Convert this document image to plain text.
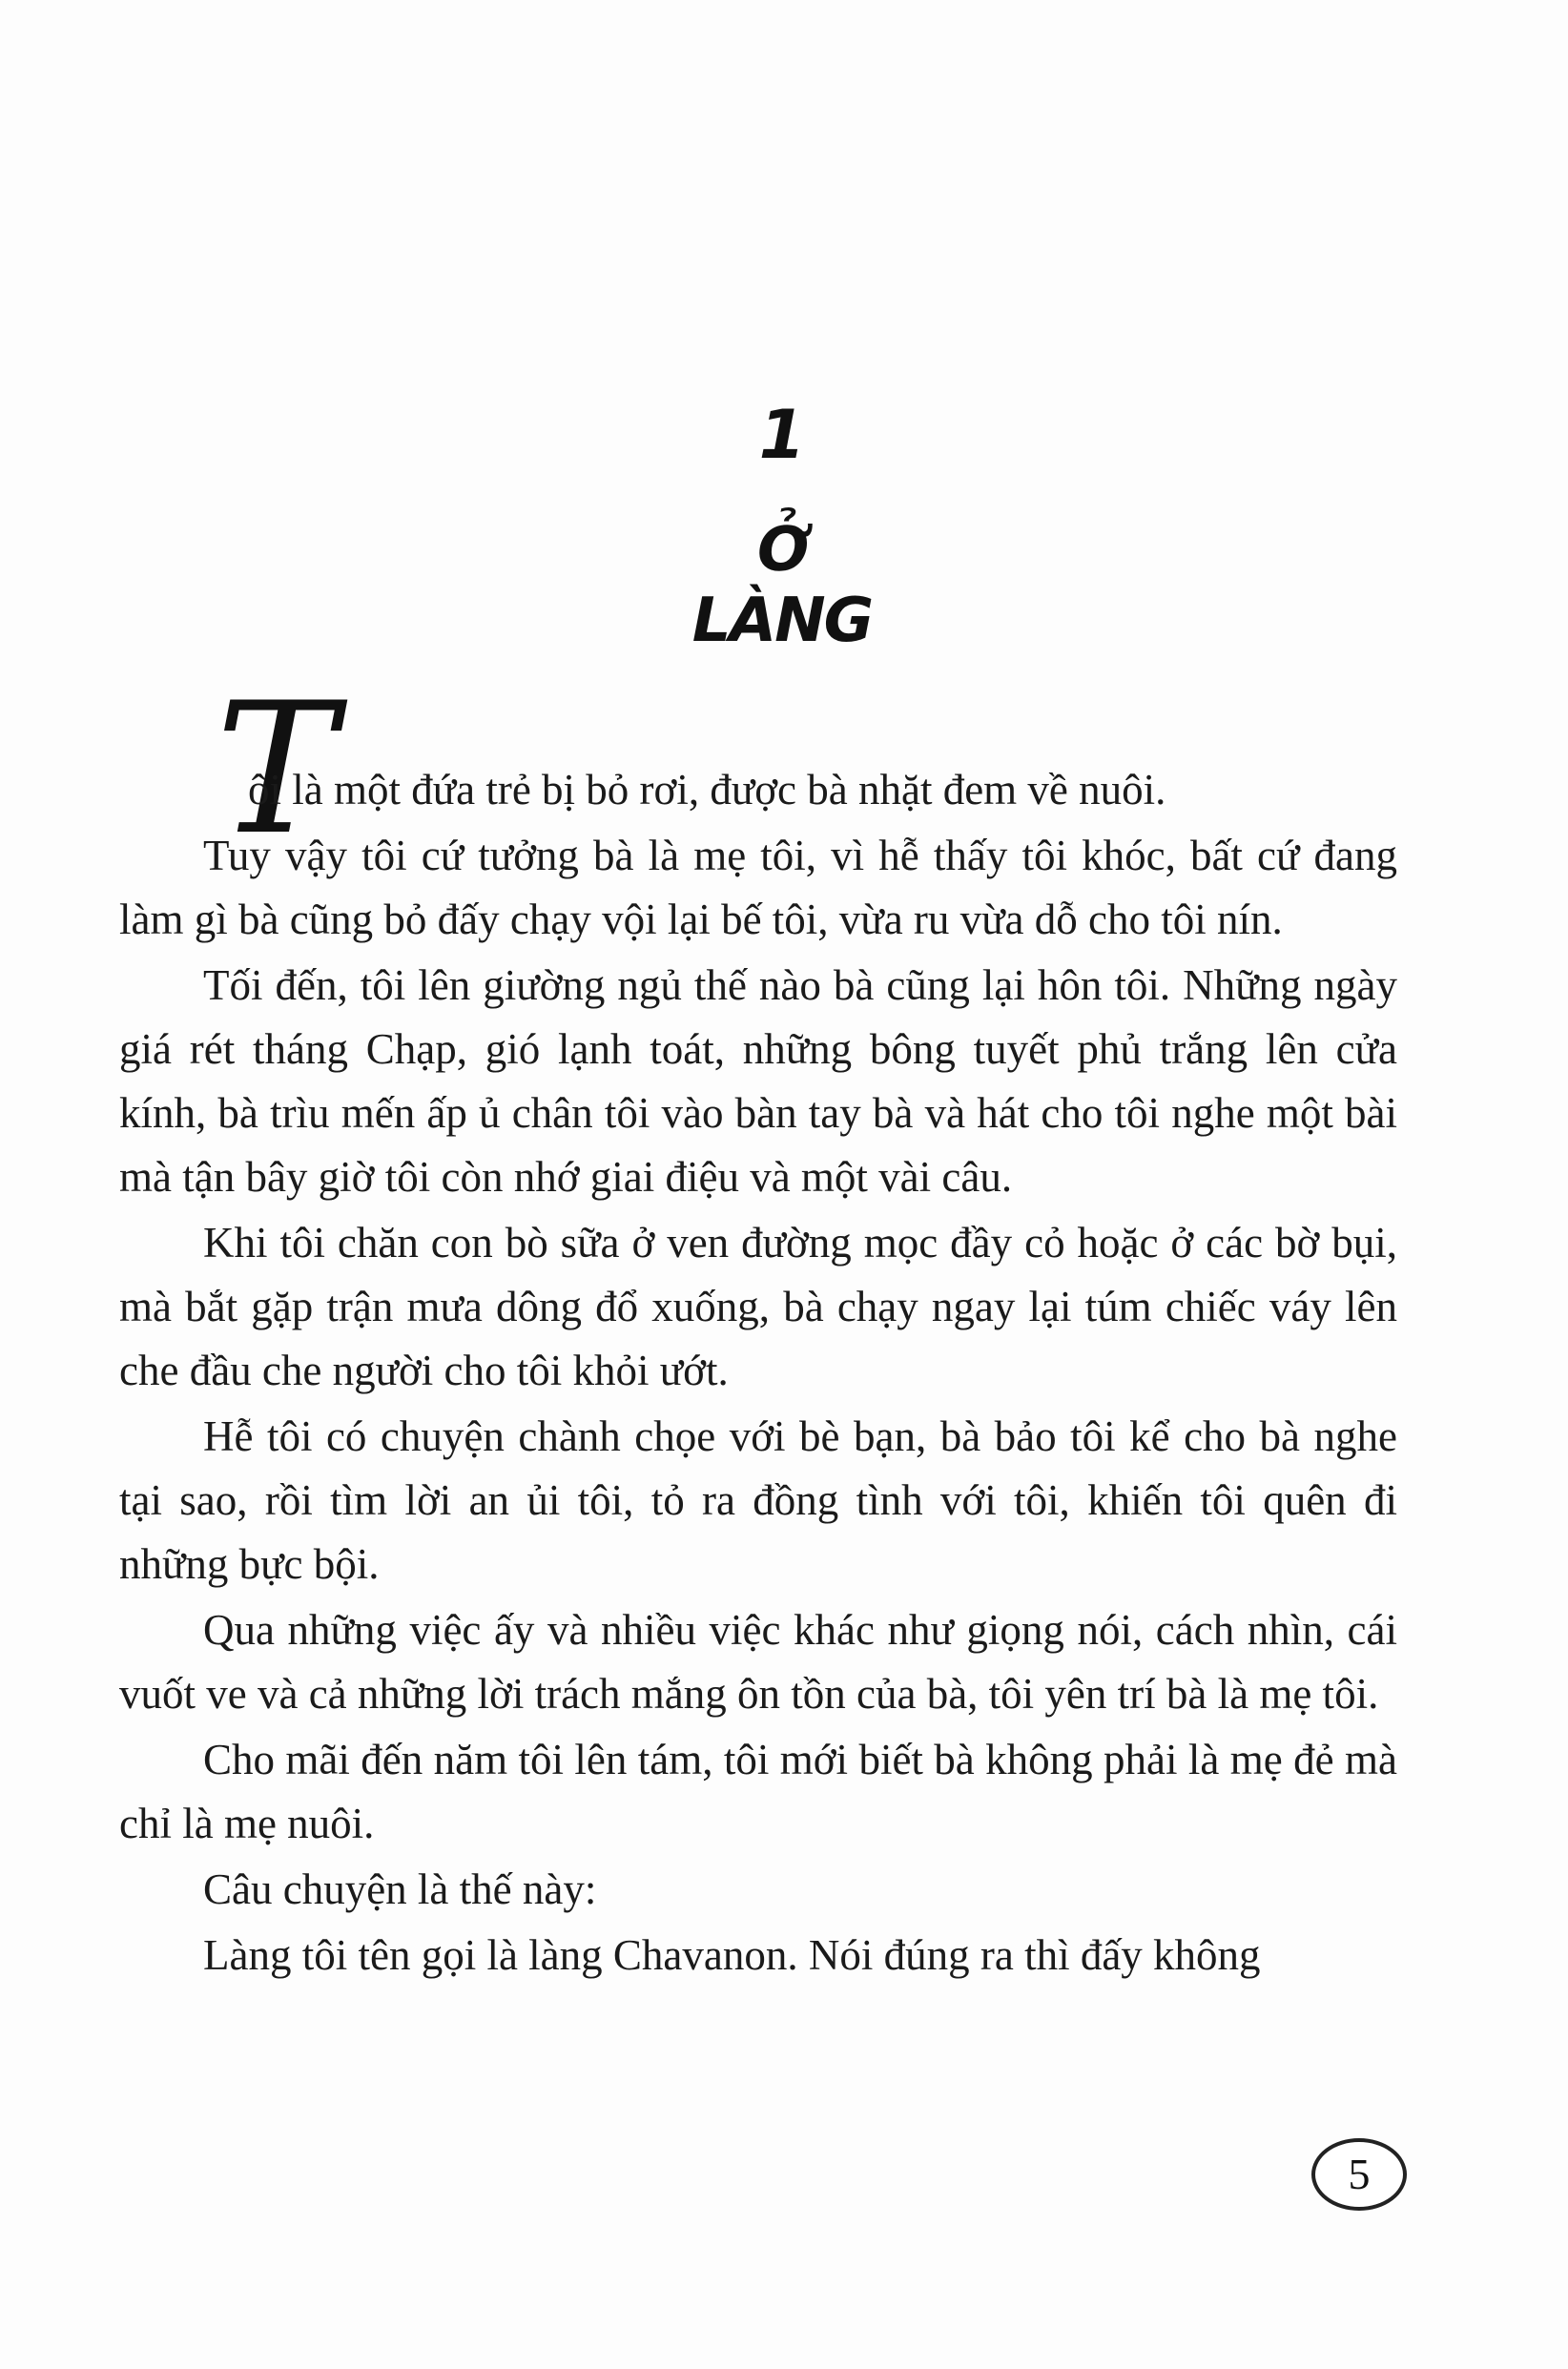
1
Ở LÀNG
T

ôi là một đứa trẻ bị bỏ rơi, được bà nhặt đem về nuôi.

Tuy vậy tôi cứ tưởng bà là mẹ tôi, vì hễ thấy tôi khóc, bất cứ đang làm gì bà cũng bỏ đấy chạy vội lại bế tôi, vừa ru vừa dỗ cho tôi nín.

Tối đến, tôi lên giường ngủ thế nào bà cũng lại hôn tôi. Những ngày giá rét tháng Chạp, gió lạnh toát, những bông tuyết phủ trắng lên cửa kính, bà trìu mến ấp ủ chân tôi vào bàn tay bà và hát cho tôi nghe một bài mà tận bây giờ tôi còn nhớ giai điệu và một vài câu.

Khi tôi chăn con bò sữa ở ven đường mọc đầy cỏ hoặc ở các bờ bụi, mà bắt gặp trận mưa dông đổ xuống, bà chạy ngay lại túm chiếc váy lên che đầu che người cho tôi khỏi ướt.

Hễ tôi có chuyện chành chọe với bè bạn, bà bảo tôi kể cho bà nghe tại sao, rồi tìm lời an ủi tôi, tỏ ra đồng tình với tôi, khiến tôi quên đi những bực bội.

Qua những việc ấy và nhiều việc khác như giọng nói, cách nhìn, cái vuốt ve và cả những lời trách mắng ôn tồn của bà, tôi yên trí bà là mẹ tôi.

Cho mãi đến năm tôi lên tám, tôi mới biết bà không phải là mẹ đẻ mà chỉ là mẹ nuôi.

Câu chuyện là thế này:

Làng tôi tên gọi là làng Chavanon. Nói đúng ra thì đấy không

5
